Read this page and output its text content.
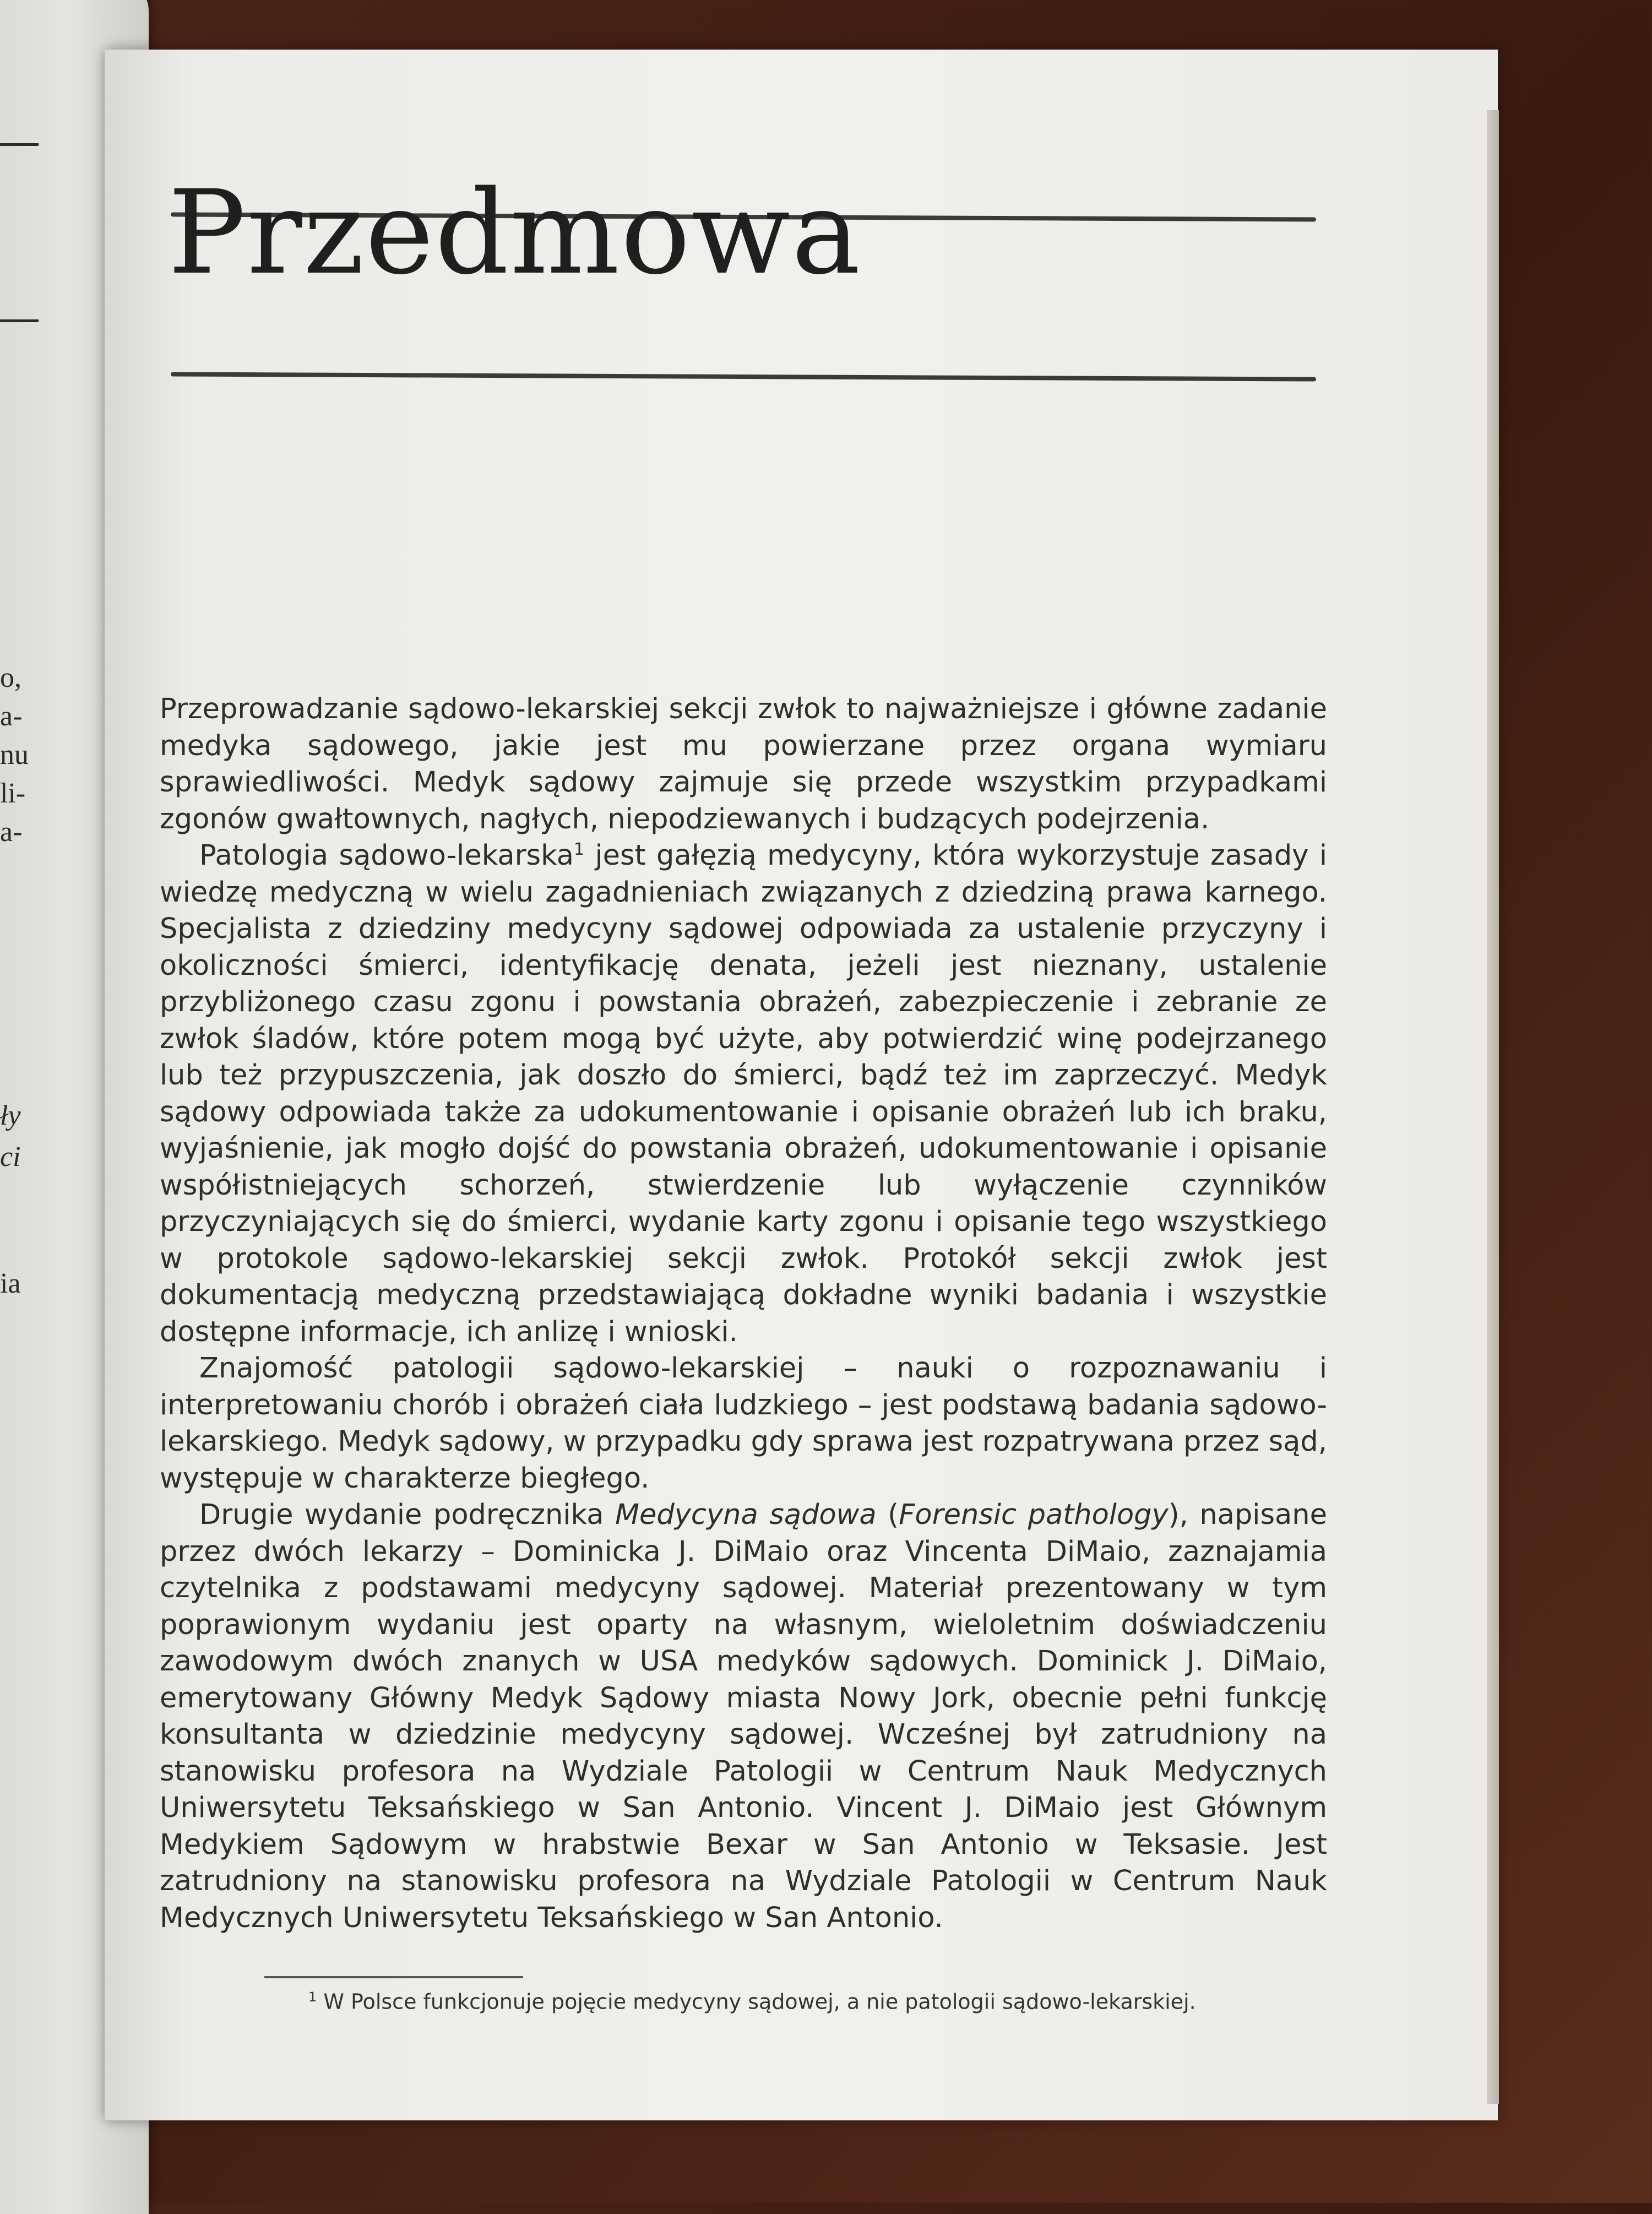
o,
a-
nu
li-
a-
ły
ci
ia
Przedmowa

Przeprowadzanie sądowo-lekarskiej sekcji zwłok to najważniejsze i główne zadanie medyka sądowego, jakie jest mu powierzane przez organa wymiaru sprawiedliwości. Medyk sądowy zajmuje się przede wszystkim przypadkami zgonów gwałtownych, nagłych, niepodziewanych i budzących podejrzenia.

Patologia sądowo-lekarska$^1$ jest gałęzią medycyny, która wykorzystuje zasady i wiedzę medyczną w wielu zagadnieniach związanych z dziedziną prawa karnego. Specjalista z dziedziny medycyny sądowej odpowiada za ustalenie przyczyny i okoliczności śmierci, identyfikację denata, jeżeli jest nieznany, ustalenie przybliżonego czasu zgonu i powstania obrażeń, zabezpieczenie i zebranie ze zwłok śladów, które potem mogą być użyte, aby potwierdzić winę podejrzanego lub też przypuszczenia, jak doszło do śmierci, bądź też im zaprzeczyć. Medyk sądowy odpowiada także za udokumentowanie i opisanie obrażeń lub ich braku, wyjaśnienie, jak mogło dojść do powstania obrażeń, udokumentowanie i opisanie współistniejących schorzeń, stwierdzenie lub wyłączenie czynników przyczyniających się do śmierci, wydanie karty zgonu i opisanie tego wszystkiego w protokole sądowo-lekarskiej sekcji zwłok. Protokół sekcji zwłok jest dokumentacją medyczną przedstawiającą dokładne wyniki badania i wszystkie dostępne informacje, ich anlizę i wnioski.

Znajomość patologii sądowo-lekarskiej – nauki o rozpoznawaniu i interpretowaniu chorób i obrażeń ciała ludzkiego – jest podstawą badania sądowo-lekarskiego. Medyk sądowy, w przypadku gdy sprawa jest rozpatrywana przez sąd, występuje w charakterze biegłego.

Drugie wydanie podręcznika Medycyna sądowa (Forensic pathology), napisane przez dwóch lekarzy – Dominicka J. DiMaio oraz Vincenta DiMaio, zaznajamia czytelnika z podstawami medycyny sądowej. Materiał prezentowany w tym poprawionym wydaniu jest oparty na własnym, wieloletnim doświadczeniu zawodowym dwóch znanych w USA medyków sądowych. Dominick J. DiMaio, emerytowany Główny Medyk Sądowy miasta Nowy Jork, obecnie pełni funkcję konsultanta w dziedzinie medycyny sądowej. Wcześnej był zatrudniony na stanowisku profesora na Wydziale Patologii w Centrum Nauk Medycznych Uniwersytetu Teksańskiego w San Antonio. Vincent J. DiMaio jest Głównym Medykiem Sądowym w hrabstwie Bexar w San Antonio w Teksasie. Jest zatrudniony na stanowisku profesora na Wydziale Patologii w Centrum Nauk Medycznych Uniwersytetu Teksańskiego w San Antonio.

$^1$ W Polsce funkcjonuje pojęcie medycyny sądowej, a nie patologii sądowo-lekarskiej.
